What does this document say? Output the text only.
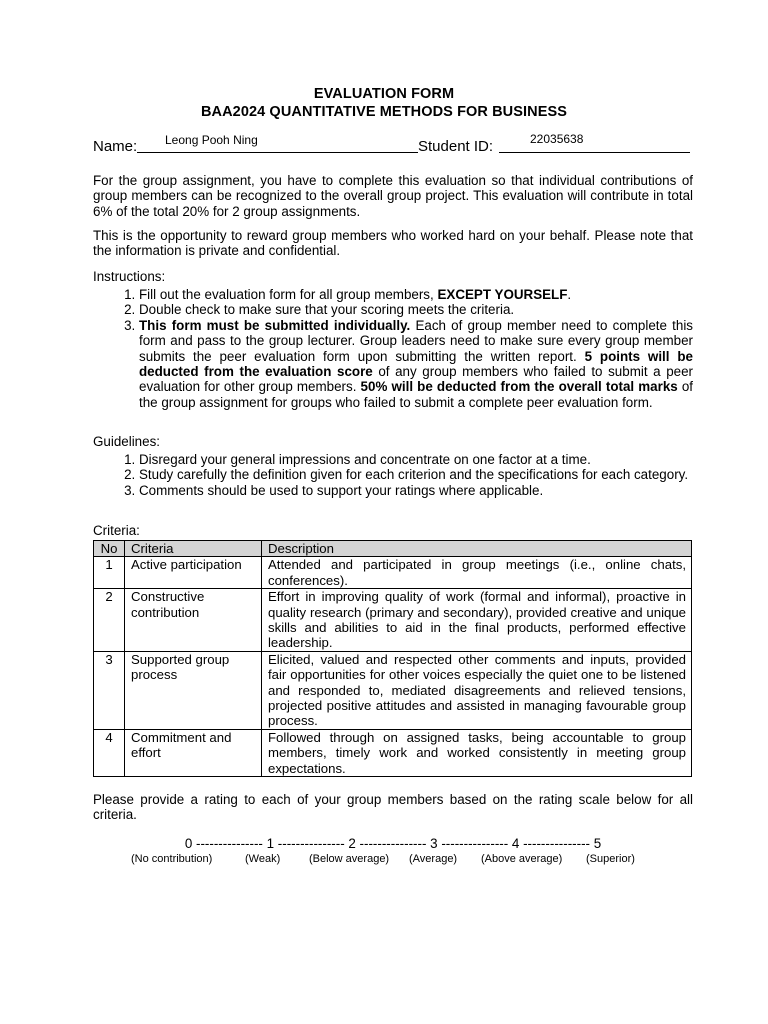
EVALUATION FORM
BAA2024 QUANTITATIVE METHODS FOR BUSINESS
Name: Leong Pooh Ning	Student ID:	22035638

For the group assignment, you have to complete this evaluation so that individual contributions of group members can be recognized to the overall group project. This evaluation will contribute in total 6% of the total 20% for 2 group assignments.

This is the opportunity to reward group members who worked hard on your behalf. Please note that the information is private and confidential.

Instructions:
1. Fill out the evaluation form for all group members, EXCEPT YOURSELF.
2. Double check to make sure that your scoring meets the criteria.
3. This form must be submitted individually. Each of group member need to complete this form and pass to the group lecturer. Group leaders need to make sure every group member submits the peer evaluation form upon submitting the written report. 5 points will be deducted from the evaluation score of any group members who failed to submit a peer evaluation for other group members. 50% will be deducted from the overall total marks of the group assignment for groups who failed to submit a complete peer evaluation form.
Guidelines:
1. Disregard your general impressions and concentrate on one factor at a time.
2. Study carefully the definition given for each criterion and the specifications for each category.
3. Comments should be used to support your ratings where applicable.
Criteria:
No	Criteria	Description
1	Active participation	Attended and participated in group meetings (i.e., online chats, conferences).
2	Constructive contribution	Effort in improving quality of work (formal and informal), proactive in quality research (primary and secondary), provided creative and unique skills and abilities to aid in the final products, performed effective leadership.
3	Supported group process	Elicited, valued and respected other comments and inputs, provided fair opportunities for other voices especially the quiet one to be listened and responded to, mediated disagreements and relieved tensions, projected positive attitudes and assisted in managing favourable group process.
4	Commitment and effort	Followed through on assigned tasks, being accountable to group members, timely work and worked consistently in meeting group expectations.

Please provide a rating to each of your group members based on the rating scale below for all criteria.

0 --------------- 1 --------------- 2 --------------- 3 --------------- 4 --------------- 5
(No contribution)	(Weak)	(Below average) (Average) (Above average) (Superior)
